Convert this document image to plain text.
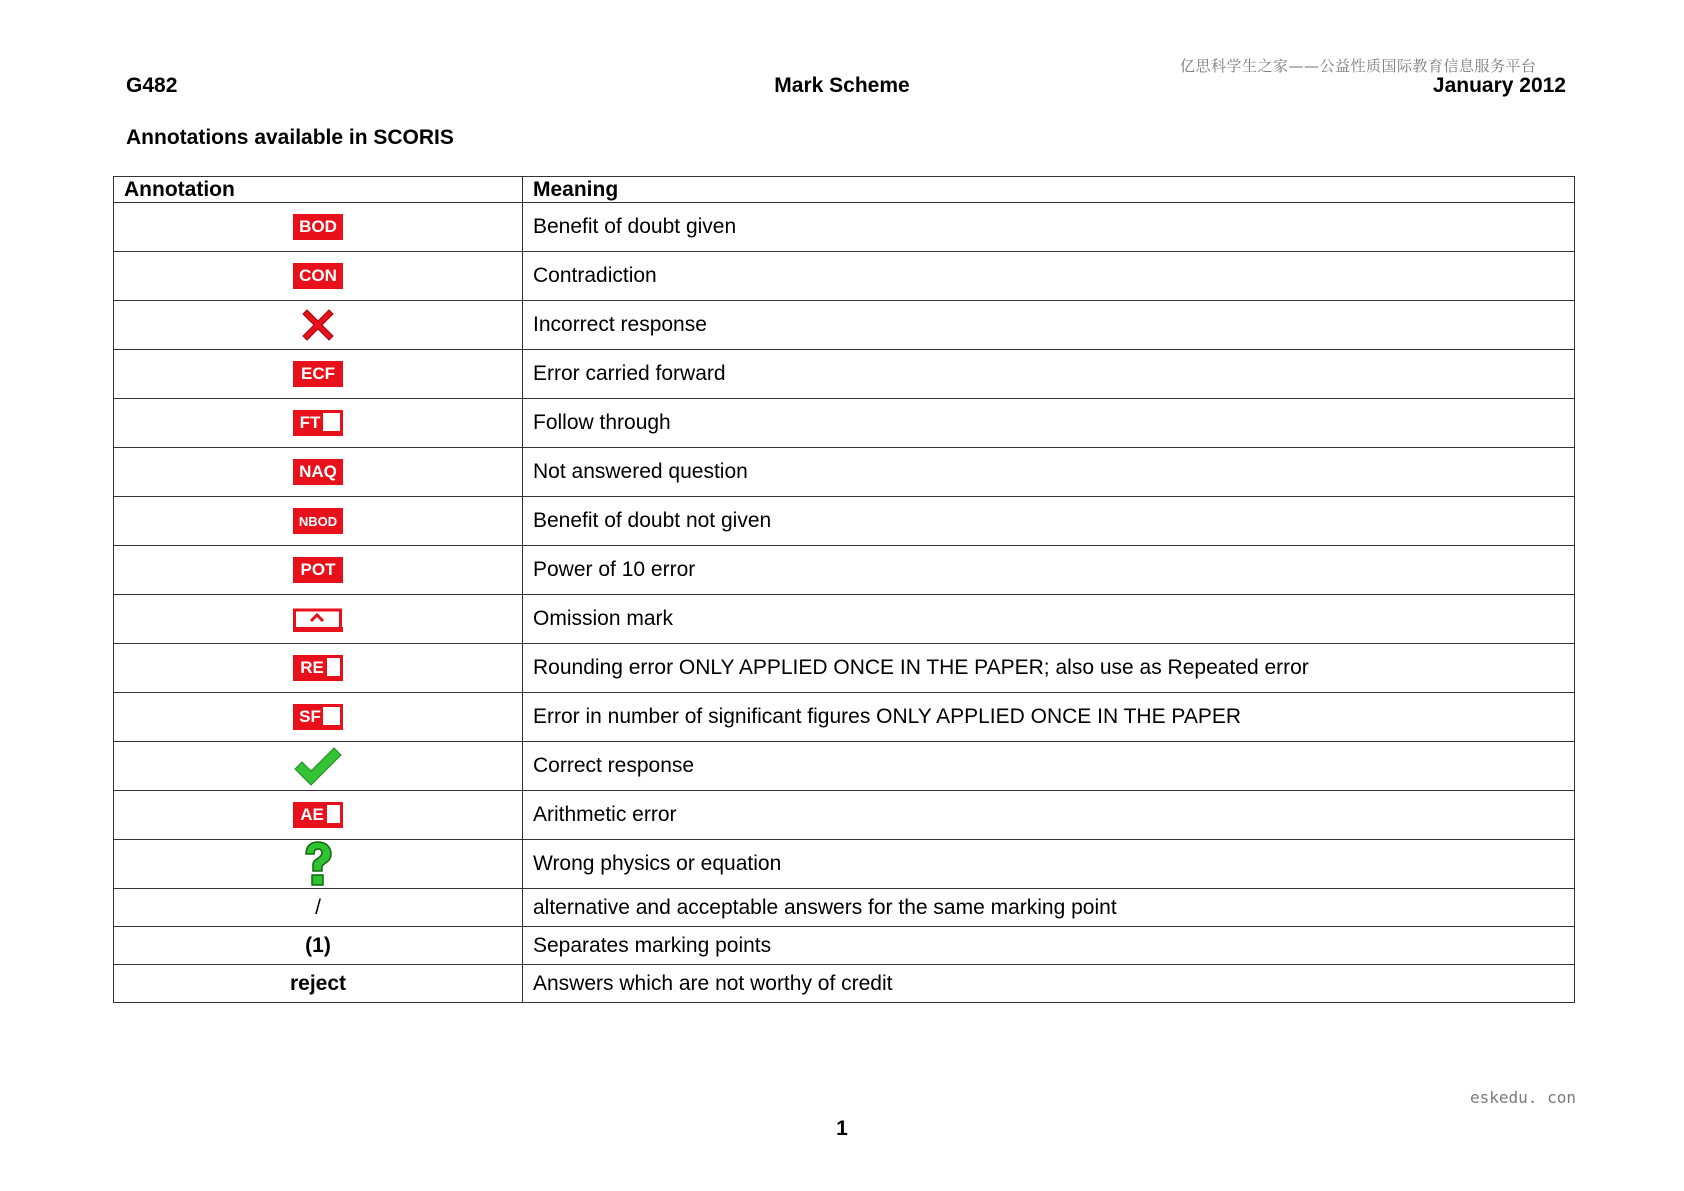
亿思科学生之家——公益性质国际教育信息服务平台
G482	Mark Scheme	January 2012
Annotations available in SCORIS
Annotation	Meaning

BOD	Benefit of doubt given

CON	Contradiction
	Incorrect response

ECF	Error carried forward

FT	Follow through

NAQ	Not answered question

NBOD	Benefit of doubt not given

POT	Power of 10 error
	Omission mark

RE	Rounding error ONLY APPLIED ONCE IN THE PAPER; also use as Repeated error

SF	Error in number of significant figures ONLY APPLIED ONCE IN THE PAPER
	Correct response

AE	Arithmetic error
	Wrong physics or equation
/	alternative and acceptable answers for the same marking point
(1)	Separates marking points
reject	Answers which are not worthy of credit
eskedu. con
1
